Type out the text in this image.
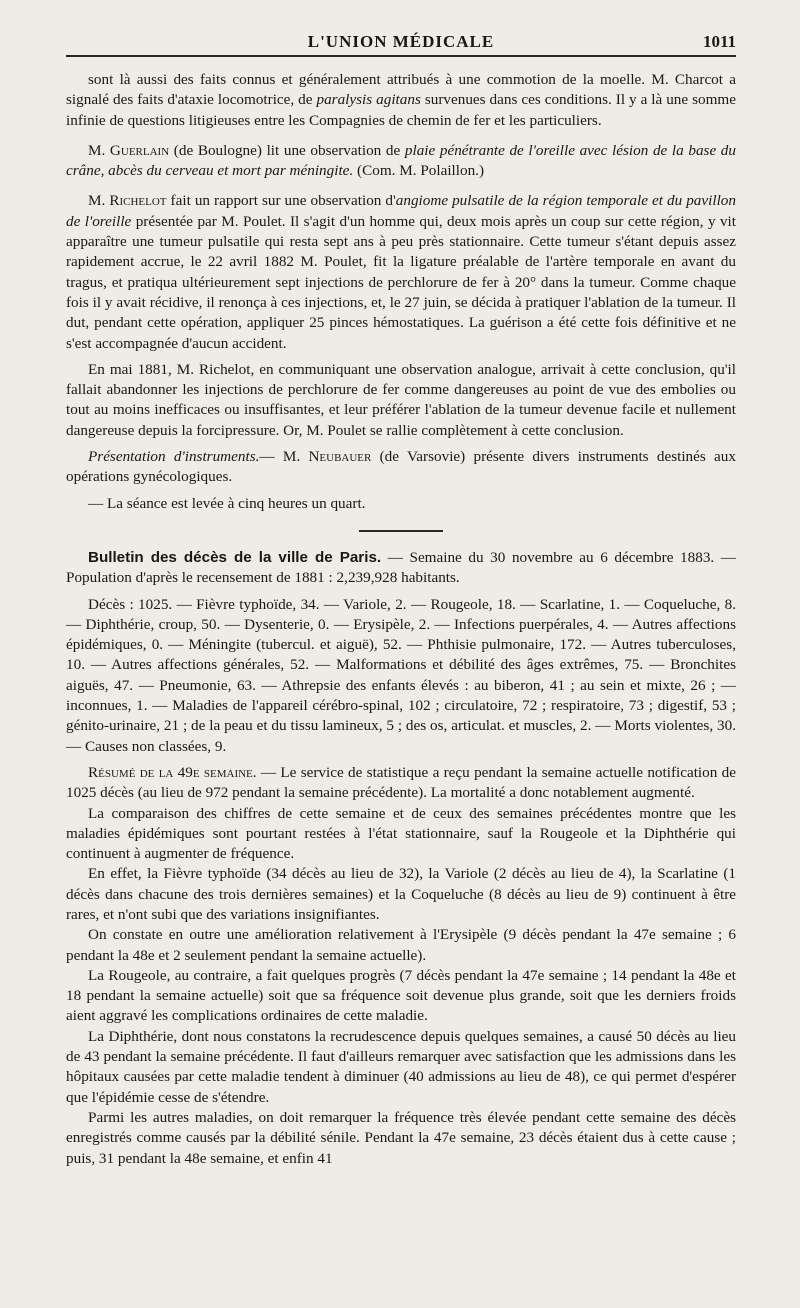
L'UNION MÉDICALE	1011

sont là aussi des faits connus et généralement attribués à une commotion de la moelle. M. Charcot a signalé des faits d'ataxie locomotrice, de paralysis agitans survenues dans ces conditions. Il y a là une somme infinie de questions litigieuses entre les Compagnies de chemin de fer et les particuliers.

M. Guerlain (de Boulogne) lit une observation de plaie pénétrante de l'oreille avec lésion de la base du crâne, abcès du cerveau et mort par méningite. (Com. M. Polaillon.)

M. Richelot fait un rapport sur une observation d'angiome pulsatile de la région temporale et du pavillon de l'oreille présentée par M. Poulet. Il s'agit d'un homme qui, deux mois après un coup sur cette région, y vit apparaître une tumeur pulsatile qui resta sept ans à peu près stationnaire. Cette tumeur s'étant depuis assez rapidement accrue, le 22 avril 1882 M. Poulet, fit la ligature préalable de l'artère temporale en avant du tragus, et pratiqua ultérieurement sept injections de perchlorure de fer à 20° dans la tumeur. Comme chaque fois il y avait récidive, il renonça à ces injections, et, le 27 juin, se décida à pratiquer l'ablation de la tumeur. Il dut, pendant cette opération, appliquer 25 pinces hémostatiques. La guérison a été cette fois définitive et ne s'est accompagnée d'aucun accident.

En mai 1881, M. Richelot, en communiquant une observation analogue, arrivait à cette conclusion, qu'il fallait abandonner les injections de perchlorure de fer comme dangereuses au point de vue des embolies ou tout au moins inefficaces ou insuffisantes, et leur préférer l'ablation de la tumeur devenue facile et nullement dangereuse depuis la forcipressure. Or, M. Poulet se rallie complètement à cette conclusion.

Présentation d'instruments.— M. Neubauer (de Varsovie) présente divers instruments destinés aux opérations gynécologiques.

— La séance est levée à cinq heures un quart.

Bulletin des décès de la ville de Paris. — Semaine du 30 novembre au 6 décembre 1883. — Population d'après le recensement de 1881 : 2,239,928 habitants.

Décès : 1025. — Fièvre typhoïde, 34. — Variole, 2. — Rougeole, 18. — Scarlatine, 1. — Coqueluche, 8. — Diphthérie, croup, 50. — Dysenterie, 0. — Erysipèle, 2. — Infections puerpérales, 4. — Autres affections épidémiques, 0. — Méningite (tubercul. et aiguë), 52. — Phthisie pulmonaire, 172. — Autres tuberculoses, 10. — Autres affections générales, 52. — Malformations et débilité des âges extrêmes, 75. — Bronchites aiguës, 47. — Pneumonie, 63. — Athrepsie des enfants élevés : au biberon, 41 ; au sein et mixte, 26 ; — inconnues, 1. — Maladies de l'appareil cérébro-spinal, 102 ; circulatoire, 72 ; respiratoire, 73 ; digestif, 53 ; génito-urinaire, 21 ; de la peau et du tissu lamineux, 5 ; des os, articulat. et muscles, 2. — Morts violentes, 30. — Causes non classées, 9.

Résumé de la 49e semaine. — Le service de statistique a reçu pendant la semaine actuelle notification de 1025 décès (au lieu de 972 pendant la semaine précédente). La mortalité a donc notablement augmenté.

La comparaison des chiffres de cette semaine et de ceux des semaines précédentes montre que les maladies épidémiques sont pourtant restées à l'état stationnaire, sauf la Rougeole et la Diphthérie qui continuent à augmenter de fréquence.

En effet, la Fièvre typhoïde (34 décès au lieu de 32), la Variole (2 décès au lieu de 4), la Scarlatine (1 décès dans chacune des trois dernières semaines) et la Coqueluche (8 décès au lieu de 9) continuent à être rares, et n'ont subi que des variations insignifiantes.

On constate en outre une amélioration relativement à l'Erysipèle (9 décès pendant la 47e semaine ; 6 pendant la 48e et 2 seulement pendant la semaine actuelle).

La Rougeole, au contraire, a fait quelques progrès (7 décès pendant la 47e semaine ; 14 pendant la 48e et 18 pendant la semaine actuelle) soit que sa fréquence soit devenue plus grande, soit que les derniers froids aient aggravé les complications ordinaires de cette maladie.

La Diphthérie, dont nous constatons la recrudescence depuis quelques semaines, a causé 50 décès au lieu de 43 pendant la semaine précédente. Il faut d'ailleurs remarquer avec satisfaction que les admissions dans les hôpitaux causées par cette maladie tendent à diminuer (40 admissions au lieu de 48), ce qui permet d'espérer que l'épidémie cesse de s'étendre.

Parmi les autres maladies, on doit remarquer la fréquence très élevée pendant cette semaine des décès enregistrés comme causés par la débilité sénile. Pendant la 47e semaine, 23 décès étaient dus à cette cause ; puis, 31 pendant la 48e semaine, et enfin 41
